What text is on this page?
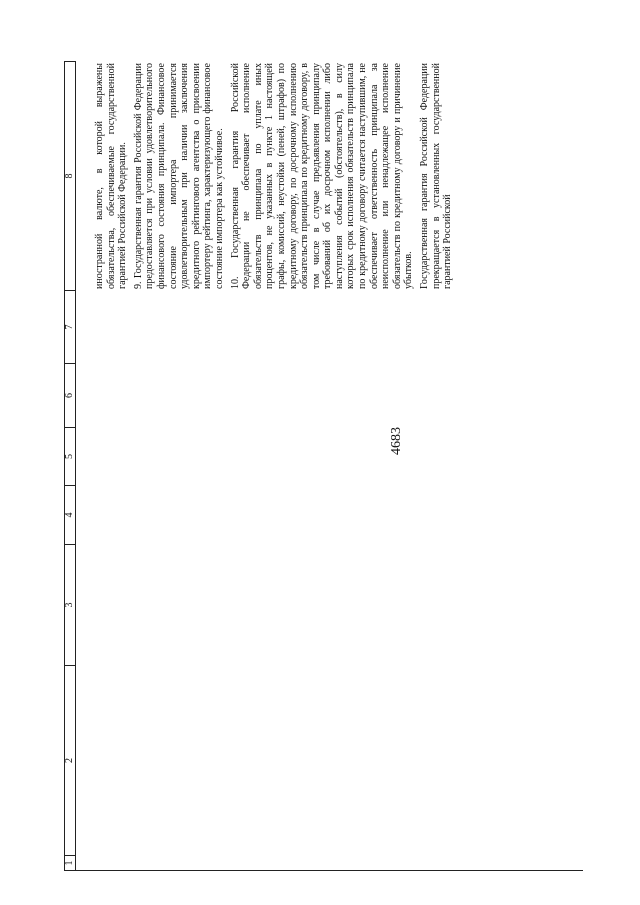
4683
1
2
3
4
5
6
7
8 иностранной валюте, в которой выражены обязательства, обеспечиваемые государственной гарантией Российской Федерации. 9. Государственная гарантия Российской Федерации предоставляется при условии удовлетворительного финансового состояния принципала. Финансовое состояние импортера принимается удовлетворительным при наличии заключения кредитного рейтингового агентства о присвоении импортеру рейтинга, характеризующего финансовое состояние импортера как устойчивое. 10. Государственная гарантия Российской Федерации не обеспечивает исполнение обязательств принципала по уплате иных процентов, не указанных в пункте 1 настоящей графы, комиссий, неустойки (пеней, штрафов) по кредитному договору, по досрочному исполнению обязательств принципала по кредитному договору, в том числе в случае предъявления принципалу требований об их досрочном исполнении либо наступления событий (обстоятельств), в силу которых срок исполнения обязательств принципала по кредитному договору считается наступившим, не обеспечивает ответственность принципала за неисполнение или ненадлежащее исполнение обязательств по кредитному договору и причинение убытков. Государственная гарантия Российской Федерации прекращается в установленных государственной гарантией Российской
